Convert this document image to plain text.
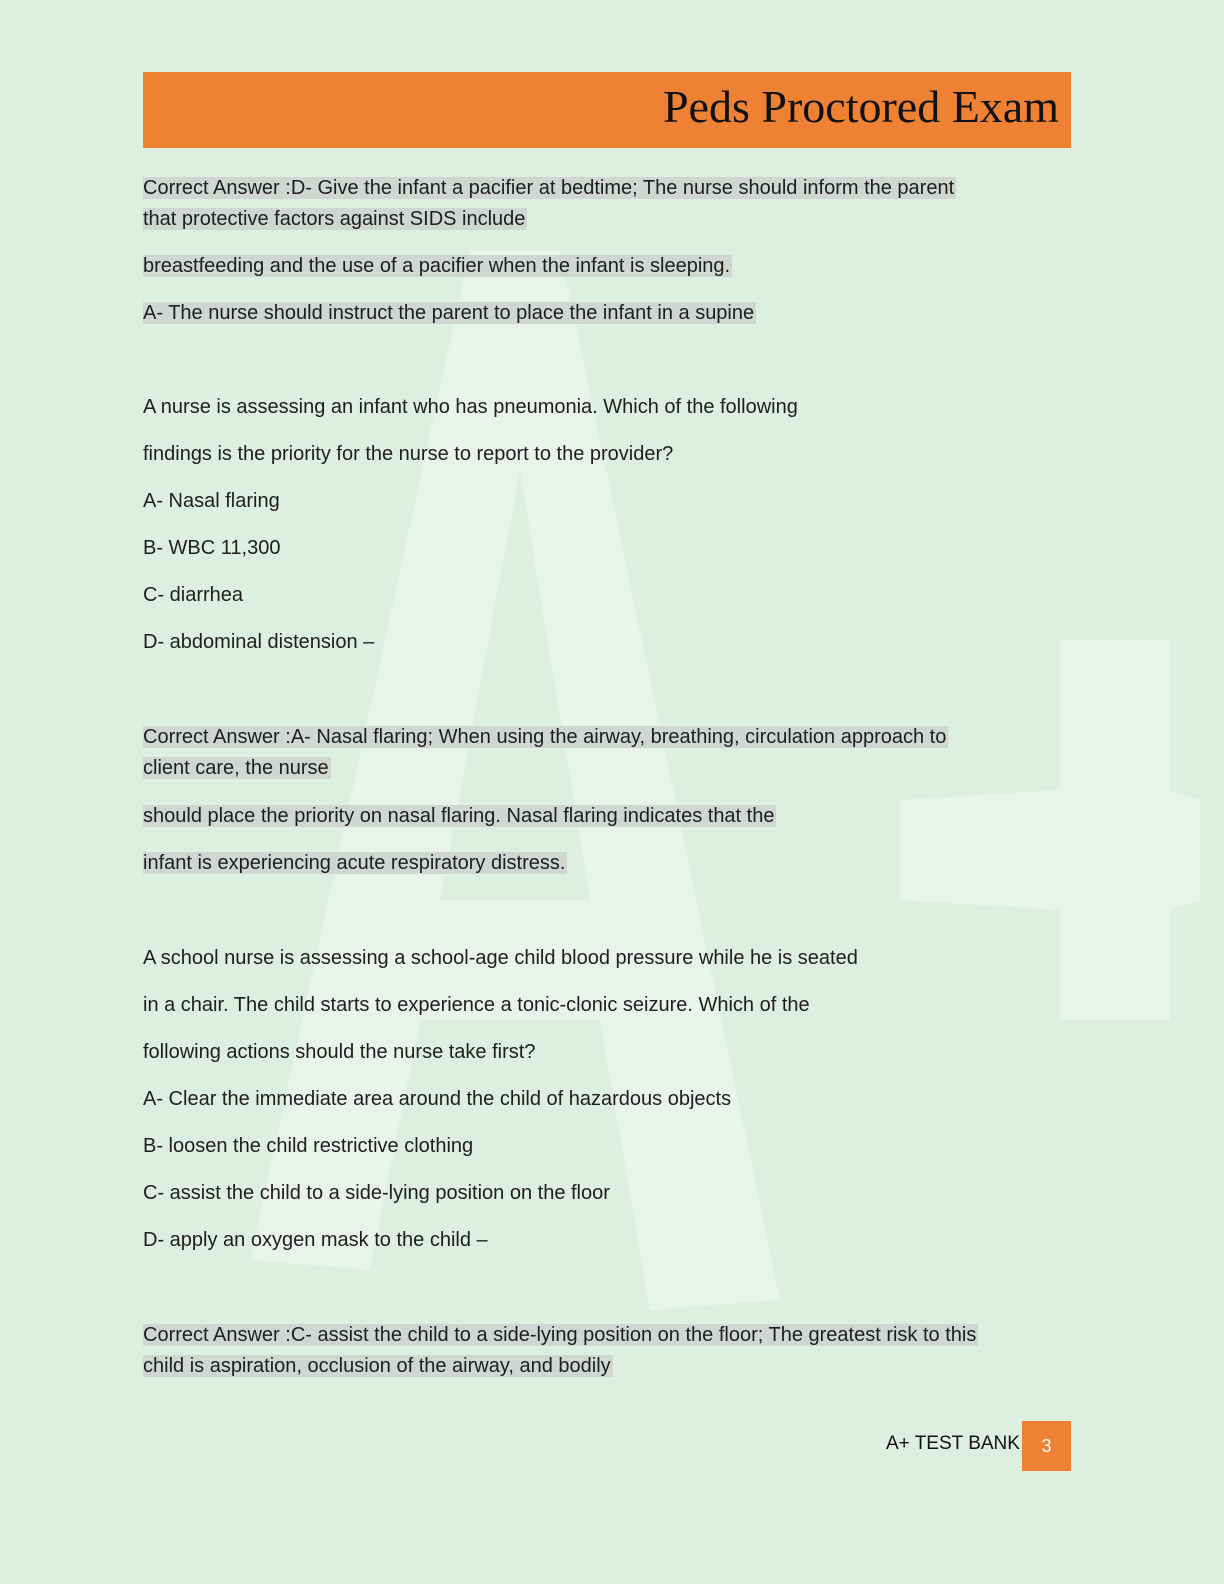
Peds Proctored Exam
Correct Answer :D- Give the infant a pacifier at bedtime; The nurse should inform the parent
that protective factors against SIDS include
breastfeeding and the use of a pacifier when the infant is sleeping.
A- The nurse should instruct the parent to place the infant in a supine
A nurse is assessing an infant who has pneumonia. Which of the following
findings is the priority for the nurse to report to the provider?
A- Nasal flaring
B- WBC 11,300
C- diarrhea
D- abdominal distension –
Correct Answer :A- Nasal flaring; When using the airway, breathing, circulation approach to
client care, the nurse
should place the priority on nasal flaring. Nasal flaring indicates that the
infant is experiencing acute respiratory distress.
A school nurse is assessing a school-age child blood pressure while he is seated
in a chair. The child starts to experience a tonic-clonic seizure. Which of the
following actions should the nurse take first?
A- Clear the immediate area around the child of hazardous objects
B- loosen the child restrictive clothing
C- assist the child to a side-lying position on the floor
D- apply an oxygen mask to the child –
Correct Answer :C- assist the child to a side-lying position on the floor; The greatest risk to this
child is aspiration, occlusion of the airway, and bodily
A+ TEST BANK	3
